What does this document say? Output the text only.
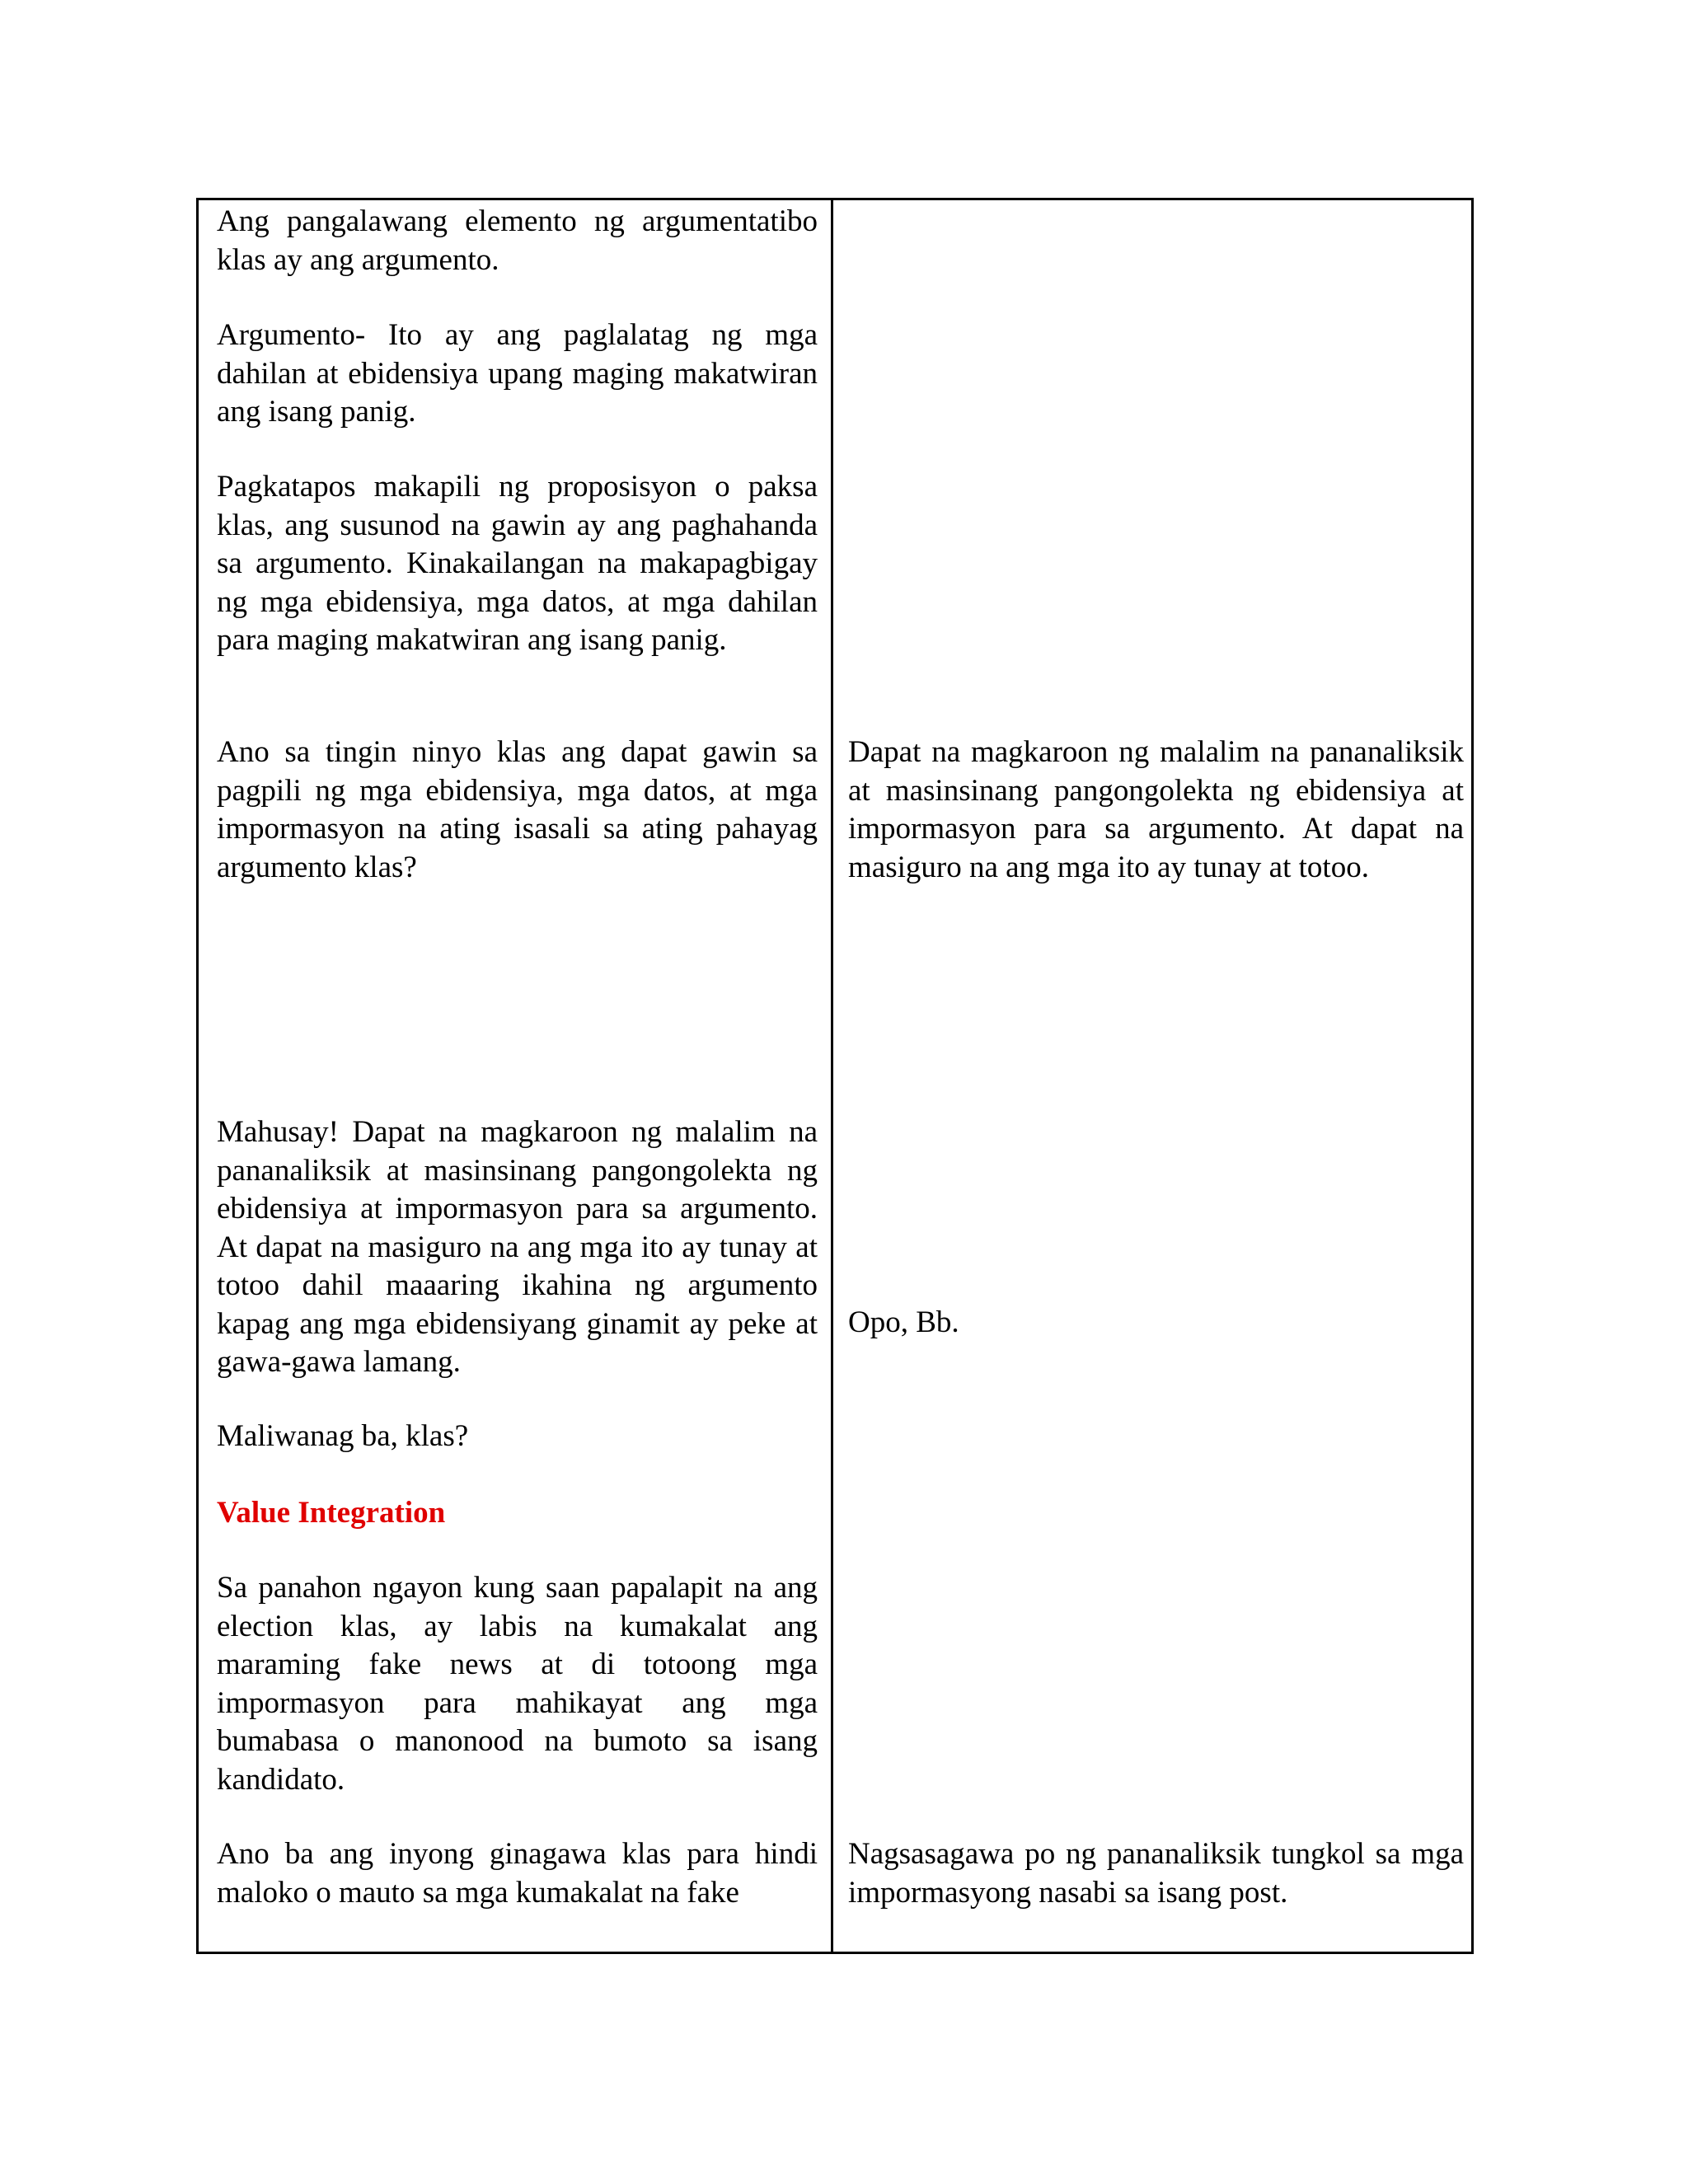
Ang pangalawang elemento ng argumentatibo klas ay ang argumento.

Argumento- Ito ay ang paglalatag ng mga dahilan at ebidensiya upang maging makatwiran ang isang panig.

Pagkatapos makapili ng proposisyon o paksa klas, ang susunod na gawin ay ang paghahanda sa argumento. Kinakailangan na makapagbigay ng mga ebidensiya, mga datos, at mga dahilan para maging makatwiran ang isang panig.

Ano sa tingin ninyo klas ang dapat gawin sa pagpili ng mga ebidensiya, mga datos, at mga impormasyon na ating isasali sa ating pahayag argumento klas?

Mahusay! Dapat na magkaroon ng malalim na pananaliksik at masinsinang pangongolekta ng ebidensiya at impormasyon para sa argumento. At dapat na masiguro na ang mga ito ay tunay at totoo dahil maaaring ikahina ng argumento kapag ang mga ebidensiyang ginamit ay peke at gawa-gawa lamang.

Maliwanag ba, klas?

Value Integration

Sa panahon ngayon kung saan papalapit na ang election klas, ay labis na kumakalat ang maraming fake news at di totoong mga impormasyon para mahikayat ang mga bumabasa o manonood na bumoto sa isang kandidato.

Ano ba ang inyong ginagawa klas para hindi maloko o mauto sa mga kumakalat na fake

Dapat na magkaroon ng malalim na pananaliksik at masinsinang pangongolekta ng ebidensiya at impormasyon para sa argumento. At dapat na masiguro na ang mga ito ay tunay at totoo.

Opo, Bb.

Nagsasagawa po ng pananaliksik tungkol sa mga impormasyong nasabi sa isang post.
